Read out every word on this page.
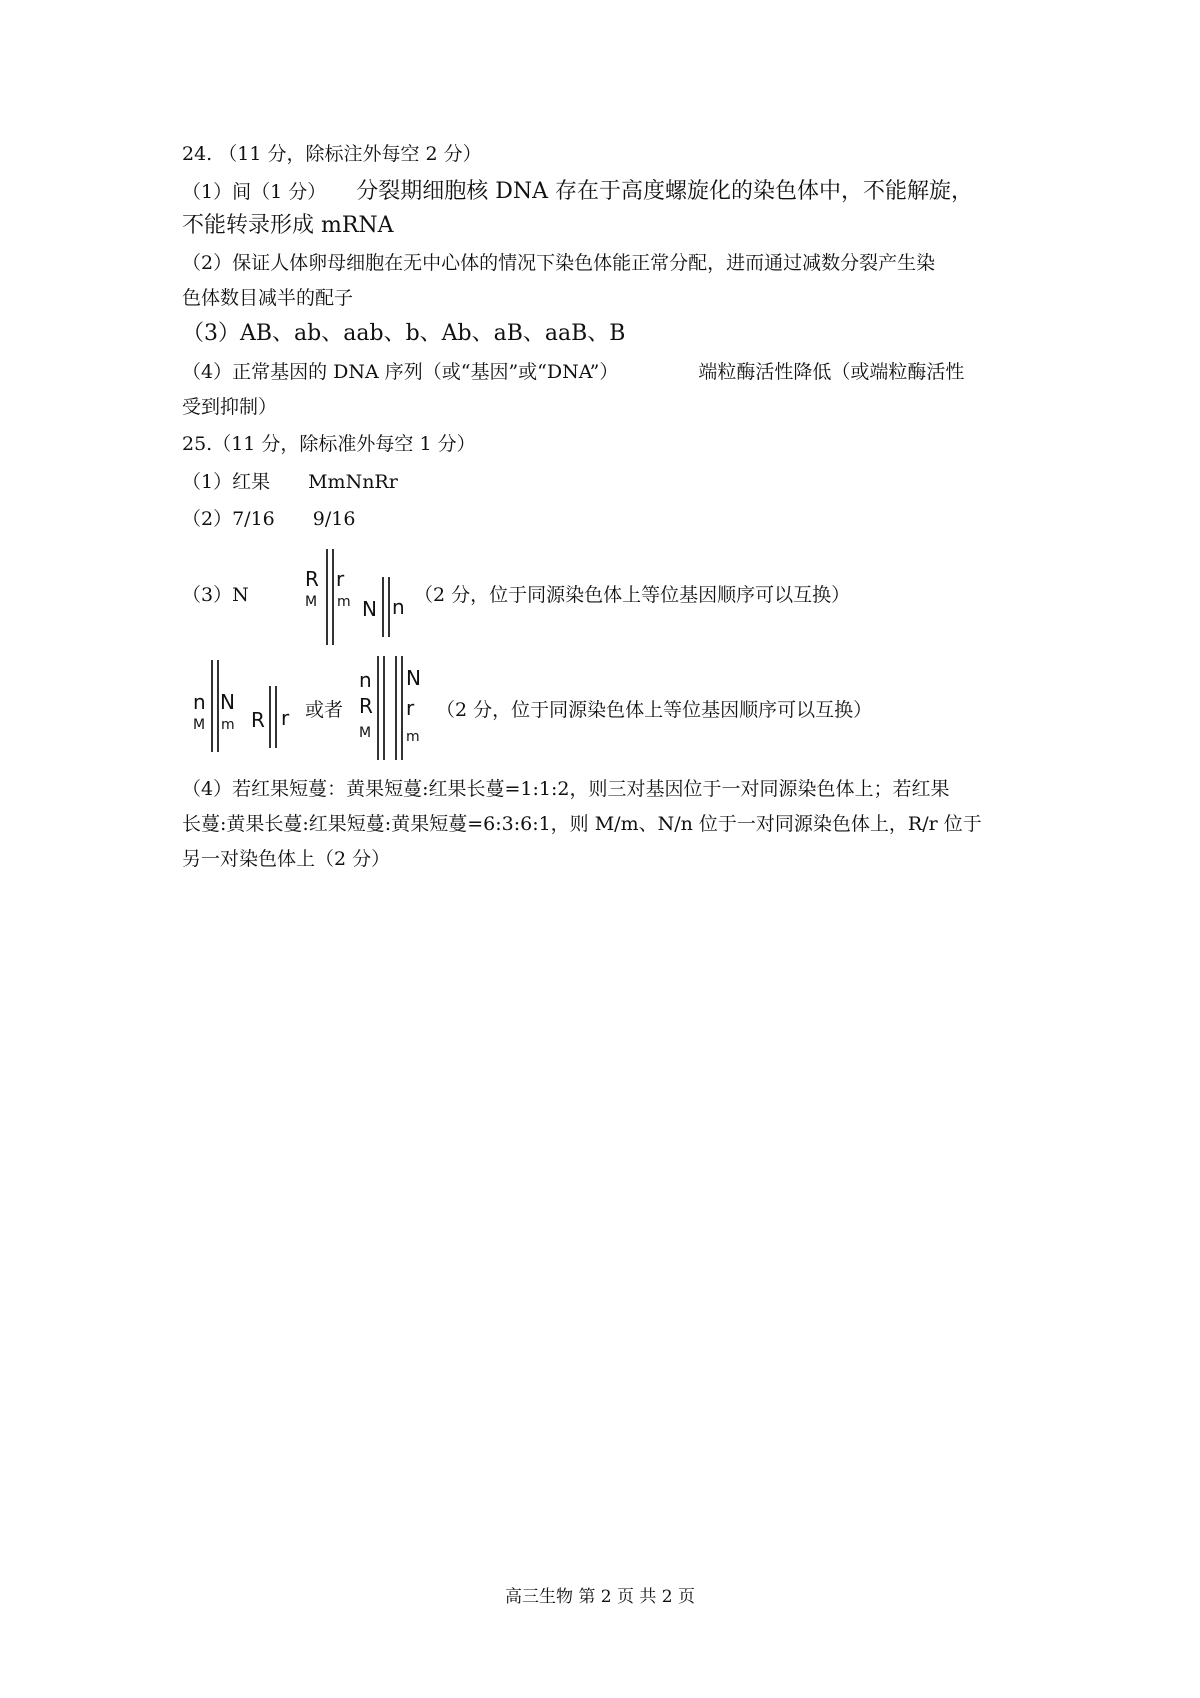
24. （11 分，除标注外每空 2 分）
（1）间（1 分） 分裂期细胞核 DNA 存在于高度螺旋化的染色体中，不能解旋，
不能转录形成 mRNA
（2）保证人体卵母细胞在无中心体的情况下染色体能正常分配，进而通过减数分裂产生染
色体数目减半的配子
（3）AB、ab、aab、b、Ab、aB、aaB、B
（4）正常基因的 DNA 序列（或“基因”或“DNA”）	端粒酶活性降低（或端粒酶活性
受到抑制）
25.（11 分，除标准外每空 1 分）
（1）红果 MmNnRr
（2）7/16 9/16
（3）N
R
M
r
m N n （2 分，位于同源染色体上等位基因顺序可以互换）
n
M
N
m R r 或者
n
R
M
N
r
m
（2 分，位于同源染色体上等位基因顺序可以互换）
（4）若红果短蔓：黄果短蔓:红果长蔓=1:1:2，则三对基因位于一对同源染色体上；若红果
长蔓:黄果长蔓:红果短蔓:黄果短蔓=6:3:6:1，则 M/m、N/n 位于一对同源染色体上，R/r 位于
另一对染色体上（2 分）
高三生物 第 2 页 共 2 页
